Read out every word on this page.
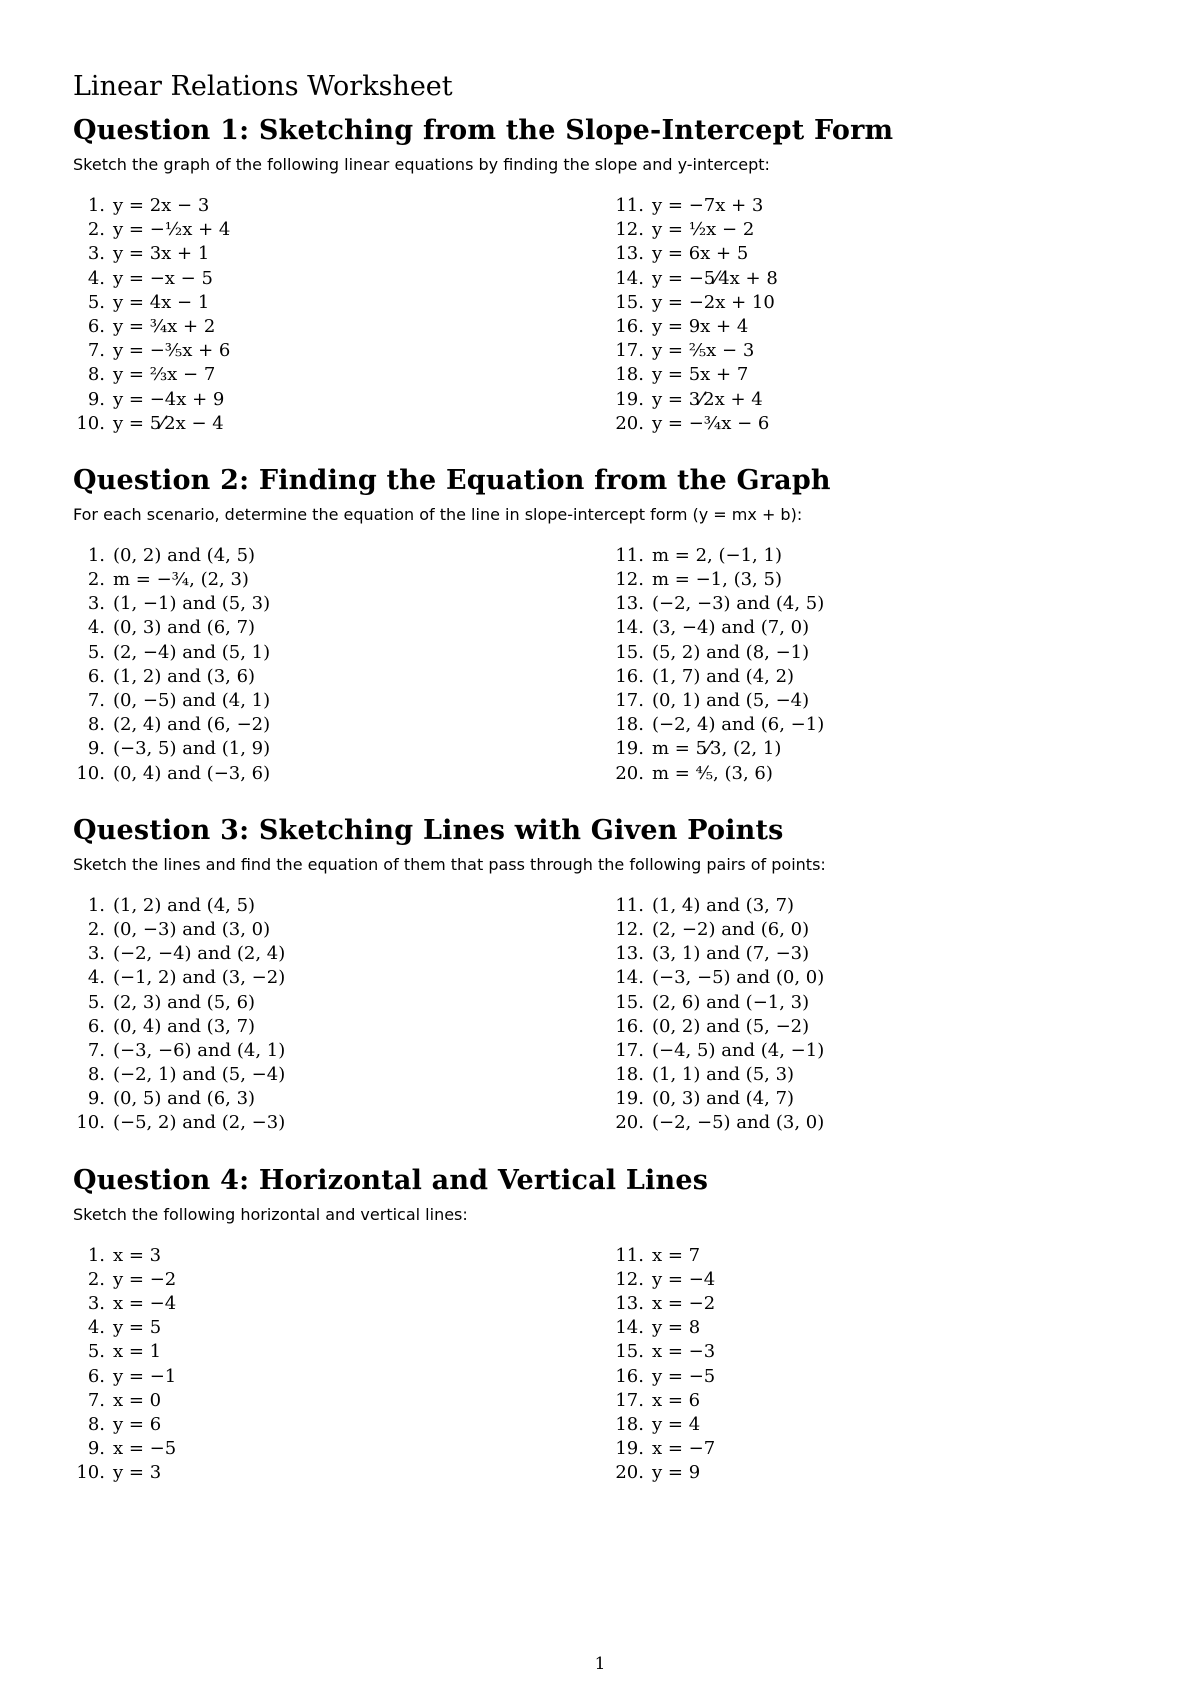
Linear Relations Worksheet
Question 1: Sketching from the Slope-Intercept Form

Sketch the graph of the following linear equations by finding the slope and y-intercept:

1. y = 2x − 3
2. y = −½x + 4
3. y = 3x + 1
4. y = −x − 5
5. y = 4x − 1
6. y = ¾x + 2
7. y = −⅗x + 6
8. y = ⅔x − 7
9. y = −4x + 9
10. y = 5⁄2x − 4
11. y = −7x + 3
12. y = ½x − 2
13. y = 6x + 5
14. y = −5⁄4x + 8
15. y = −2x + 10
16. y = 9x + 4
17. y = ⅖x − 3
18. y = 5x + 7
19. y = 3⁄2x + 4
20. y = −¾x − 6
Question 2: Finding the Equation from the Graph

For each scenario, determine the equation of the line in slope-intercept form (y = mx + b):

1. (0, 2) and (4, 5)
2. m = −¾, (2, 3)
3. (1, −1) and (5, 3)
4. (0, 3) and (6, 7)
5. (2, −4) and (5, 1)
6. (1, 2) and (3, 6)
7. (0, −5) and (4, 1)
8. (2, 4) and (6, −2)
9. (−3, 5) and (1, 9)
10. (0, 4) and (−3, 6)
11. m = 2, (−1, 1)
12. m = −1, (3, 5)
13. (−2, −3) and (4, 5)
14. (3, −4) and (7, 0)
15. (5, 2) and (8, −1)
16. (1, 7) and (4, 2)
17. (0, 1) and (5, −4)
18. (−2, 4) and (6, −1)
19. m = 5⁄3, (2, 1)
20. m = ⅘, (3, 6)
Question 3: Sketching Lines with Given Points

Sketch the lines and find the equation of them that pass through the following pairs of points:

1. (1, 2) and (4, 5)
2. (0, −3) and (3, 0)
3. (−2, −4) and (2, 4)
4. (−1, 2) and (3, −2)
5. (2, 3) and (5, 6)
6. (0, 4) and (3, 7)
7. (−3, −6) and (4, 1)
8. (−2, 1) and (5, −4)
9. (0, 5) and (6, 3)
10. (−5, 2) and (2, −3)
11. (1, 4) and (3, 7)
12. (2, −2) and (6, 0)
13. (3, 1) and (7, −3)
14. (−3, −5) and (0, 0)
15. (2, 6) and (−1, 3)
16. (0, 2) and (5, −2)
17. (−4, 5) and (4, −1)
18. (1, 1) and (5, 3)
19. (0, 3) and (4, 7)
20. (−2, −5) and (3, 0)
Question 4: Horizontal and Vertical Lines

Sketch the following horizontal and vertical lines:

1. x = 3
2. y = −2
3. x = −4
4. y = 5
5. x = 1
6. y = −1
7. x = 0
8. y = 6
9. x = −5
10. y = 3
11. x = 7
12. y = −4
13. x = −2
14. y = 8
15. x = −3
16. y = −5
17. x = 6
18. y = 4
19. x = −7
20. y = 9
1
